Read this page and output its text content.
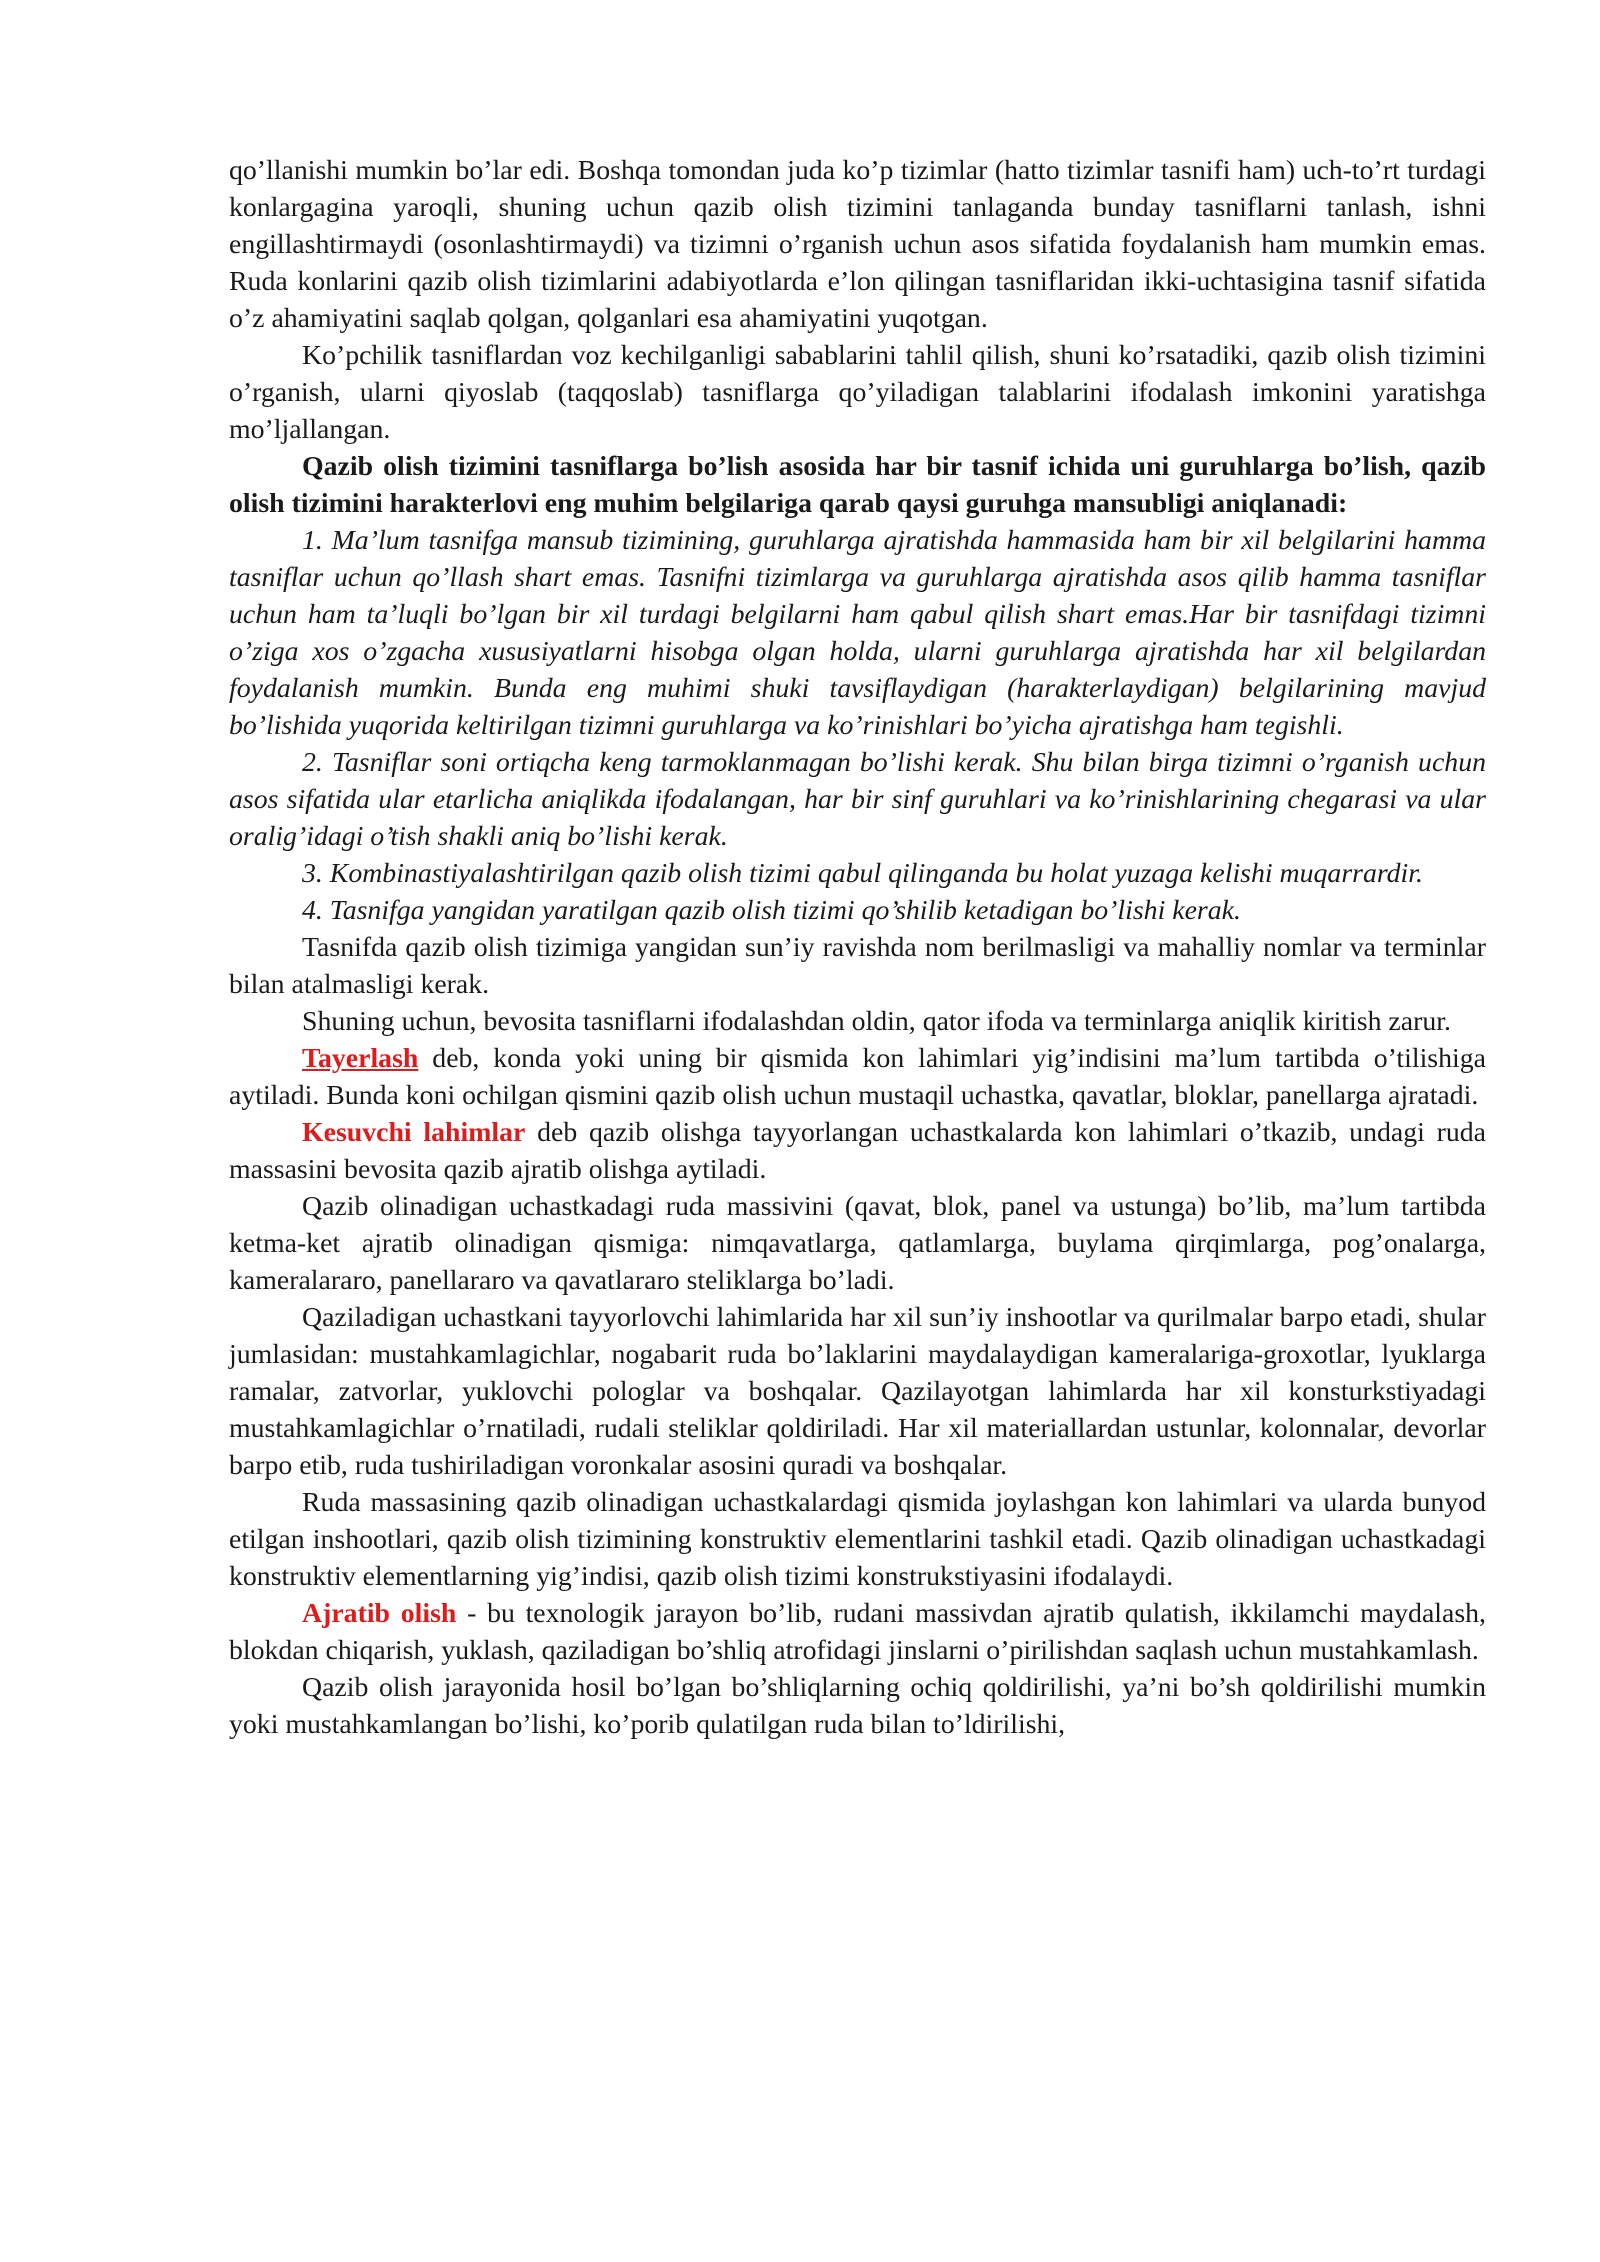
qo’llanishi mumkin bo’lar edi. Boshqa tomondan juda ko’p tizimlar (hatto tizimlar tasnifi ham) uch-to’rt turdagi konlargagina yaroqli, shuning uchun qazib olish tizimini tanlaganda bunday tasniflarni tanlash, ishni engillashtirmaydi (osonlashtirmaydi) va tizimni o’rganish uchun asos sifatida foydalanish ham mumkin emas. Ruda konlarini qazib olish tizimlarini adabiyotlarda e’lon qilingan tasniflaridan ikki-uchtasigina tasnif sifatida o’z ahamiyatini saqlab qolgan, qolganlari esa ahamiyatini yuqotgan.

Ko’pchilik tasniflardan voz kechilganligi sabablarini tahlil qilish, shuni ko’rsatadiki, qazib olish tizimini o’rganish, ularni qiyoslab (taqqoslab) tasniflarga qo’yiladigan talablarini ifodalash imkonini yaratishga mo’ljallangan.

Qazib olish tizimini tasniflarga bo’lish asosida har bir tasnif ichida uni guruhlarga bo’lish, qazib olish tizimini harakterlovi eng muhim belgilariga qarab qaysi guruhga mansubligi aniqlanadi:

1. Ma’lum tasnifga mansub tizimining, guruhlarga ajratishda hammasida ham bir xil belgilarini hamma tasniflar uchun qo’llash shart emas. Tasnifni tizimlarga va guruhlarga ajratishda asos qilib hamma tasniflar uchun ham ta’luqli bo’lgan bir xil turdagi belgilarni ham qabul qilish shart emas.Har bir tasnifdagi tizimni o’ziga xos o’zgacha xususiyatlarni hisobga olgan holda, ularni guruhlarga ajratishda har xil belgilardan foydalanish mumkin. Bunda eng muhimi shuki tavsiflaydigan (harakterlaydigan) belgilarining mavjud bo’lishida yuqorida keltirilgan tizimni guruhlarga va ko’rinishlari bo’yicha ajratishga ham tegishli.

2. Tasniflar soni ortiqcha keng tarmoklanmagan bo’lishi kerak. Shu bilan birga tizimni o’rganish uchun asos sifatida ular etarlicha aniqlikda ifodalangan, har bir sinf guruhlari va ko’rinishlarining chegarasi va ular oralig’idagi o’tish shakli aniq bo’lishi kerak.

3. Kombinastiyalashtirilgan qazib olish tizimi qabul qilinganda bu holat yuzaga kelishi muqarrardir.

4. Tasnifga yangidan yaratilgan qazib olish tizimi qo’shilib ketadigan bo’lishi kerak.

Tasnifda qazib olish tizimiga yangidan sun’iy ravishda nom berilmasligi va mahalliy nomlar va terminlar bilan atalmasligi kerak.

Shuning uchun, bevosita tasniflarni ifodalashdan oldin, qator ifoda va terminlarga aniqlik kiritish zarur.

Tayerlash deb, konda yoki uning bir qismida kon lahimlari yig’indisini ma’lum tartibda o’tilishiga aytiladi. Bunda koni ochilgan qismini qazib olish uchun mustaqil uchastka, qavatlar, bloklar, panellarga ajratadi.

Kesuvchi lahimlar deb qazib olishga tayyorlangan uchastkalarda kon lahimlari o’tkazib, undagi ruda massasini bevosita qazib ajratib olishga aytiladi.

Qazib olinadigan uchastkadagi ruda massivini (qavat, blok, panel va ustunga) bo’lib, ma’lum tartibda ketma-ket ajratib olinadigan qismiga: nimqavatlarga, qatlamlarga, buylama qirqimlarga, pog’onalarga, kameralararo, panellararo va qavatlararo steliklarga bo’ladi.

Qaziladigan uchastkani tayyorlovchi lahimlarida har xil sun’iy inshootlar va qurilmalar barpo etadi, shular jumlasidan: mustahkamlagichlar, nogabarit ruda bo’laklarini maydalaydigan kameralariga-groxotlar, lyuklarga ramalar, zatvorlar, yuklovchi pologlar va boshqalar. Qazilayotgan lahimlarda har xil konsturkstiyadagi mustahkamlagichlar o’rnatiladi, rudali steliklar qoldiriladi. Har xil materiallardan ustunlar, kolonnalar, devorlar barpo etib, ruda tushiriladigan voronkalar asosini quradi va boshqalar.

Ruda massasining qazib olinadigan uchastkalardagi qismida joylashgan kon lahimlari va ularda bunyod etilgan inshootlari, qazib olish tizimining konstruktiv elementlarini tashkil etadi. Qazib olinadigan uchastkadagi konstruktiv elementlarning yig’indisi, qazib olish tizimi konstrukstiyasini ifodalaydi.

Ajratib olish - bu texnologik jarayon bo’lib, rudani massivdan ajratib qulatish, ikkilamchi maydalash, blokdan chiqarish, yuklash, qaziladigan bo’shliq atrofidagi jinslarni o’pirilishdan saqlash uchun mustahkamlash.

Qazib olish jarayonida hosil bo’lgan bo’shliqlarning ochiq qoldirilishi, ya’ni bo’sh qoldirilishi mumkin yoki mustahkamlangan bo’lishi, ko’porib qulatilgan ruda bilan to’ldirilishi,
